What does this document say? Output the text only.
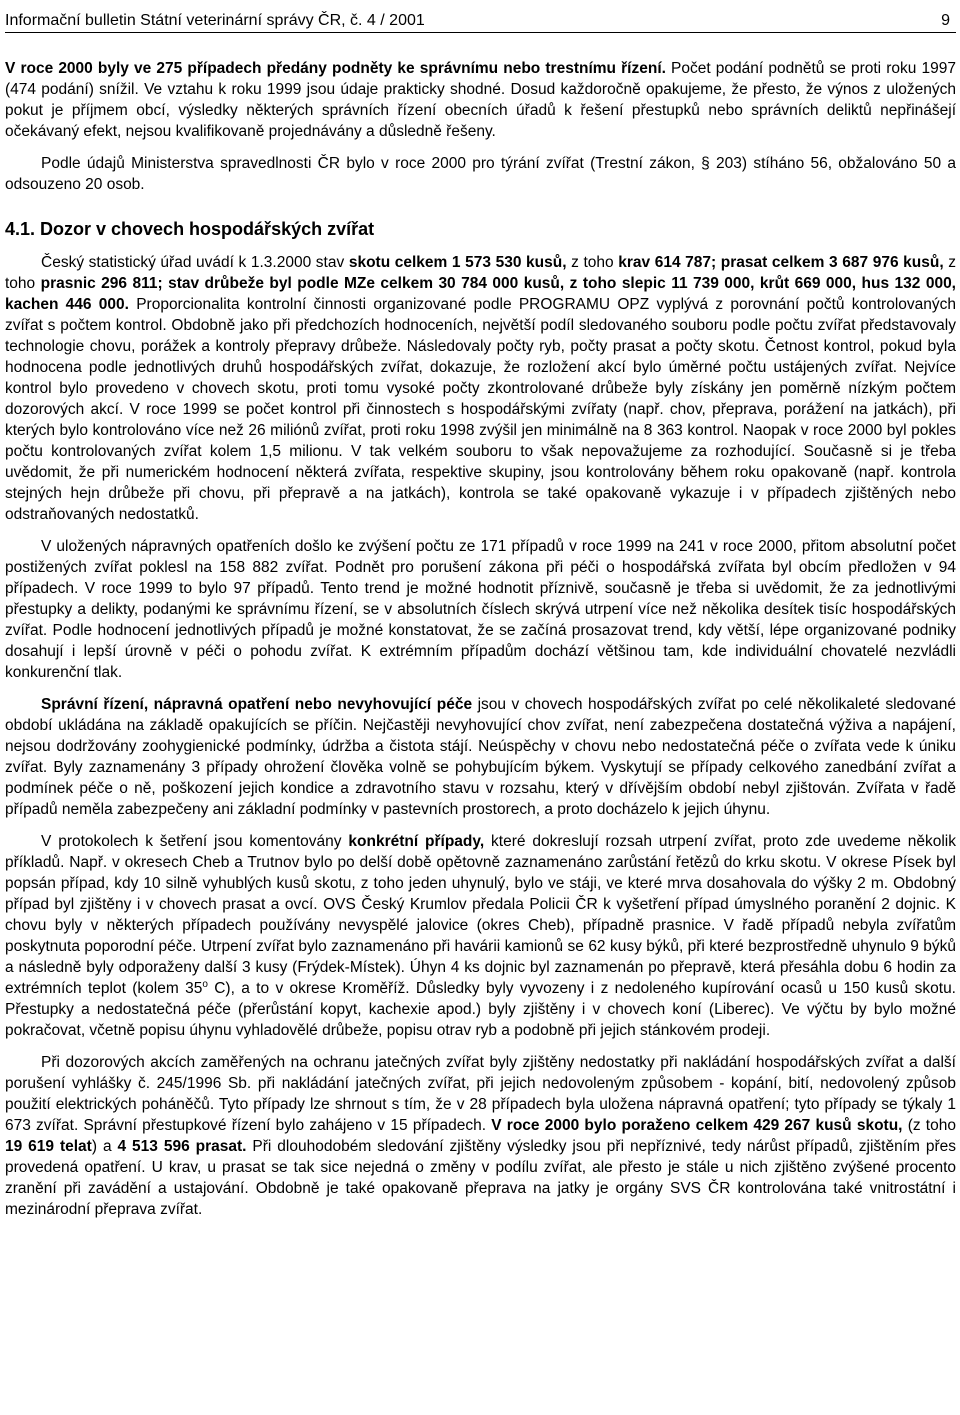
Informační bulletin Státní veterinární správy ČR, č. 4 / 2001	9

V roce 2000 byly ve 275 případech předány podněty ke správnímu nebo trestnímu řízení. Počet podání podnětů se proti roku 1997 (474 podání) snížil. Ve vztahu k roku 1999 jsou údaje prakticky shodné. Dosud každoročně opakujeme, že přesto, že výnos z uložených pokut je příjmem obcí, výsledky některých správních řízení obecních úřadů k řešení přestupků nebo správních deliktů nepřinášejí očekávaný efekt, nejsou kvalifikovaně projednávány a důsledně řešeny.

Podle údajů Ministerstva spravedlnosti ČR bylo v roce 2000 pro týrání zvířat (Trestní zákon, § 203) stíháno 56, obžalováno 50 a odsouzeno 20 osob.

4.1. Dozor v chovech hospodářských zvířat

Český statistický úřad uvádí k 1.3.2000 stav skotu celkem 1 573 530 kusů, z toho krav 614 787; prasat celkem 3 687 976 kusů, z toho prasnic 296 811; stav drůbeže byl podle MZe celkem 30 784 000 kusů, z toho slepic 11 739 000, krůt 669 000, hus 132 000, kachen 446 000. Proporcionalita kontrolní činnosti organizované podle PROGRAMU OPZ vyplývá z porovnání počtů kontrolovaných zvířat s počtem kontrol. Obdobně jako při předchozích hodnoceních, největší podíl sledovaného souboru podle počtu zvířat představovaly technologie chovu, porážek a kontroly přepravy drůbeže. Následovaly počty ryb, počty prasat a počty skotu. Četnost kontrol, pokud byla hodnocena podle jednotlivých druhů hospodářských zvířat, dokazuje, že rozložení akcí bylo úměrné počtu ustájených zvířat. Nejvíce kontrol bylo provedeno v chovech skotu, proti tomu vysoké počty zkontrolované drůbeže byly získány jen poměrně nízkým počtem dozorových akcí. V roce 1999 se počet kontrol při činnostech s hospodářskými zvířaty (např. chov, přeprava, porážení na jatkách), při kterých bylo kontrolováno více než 26 miliónů zvířat, proti roku 1998 zvýšil jen minimálně na 8 363 kontrol. Naopak v roce 2000 byl pokles počtu kontrolovaných zvířat kolem 1,5 milionu. V tak velkém souboru to však nepovažujeme za rozhodující. Současně si je třeba uvědomit, že při numerickém hodnocení některá zvířata, respektive skupiny, jsou kontrolovány během roku opakovaně (např. kontrola stejných hejn drůbeže při chovu, při přepravě a na jatkách), kontrola se také opakovaně vykazuje i v případech zjištěných nebo odstraňovaných nedostatků.

V uložených nápravných opatřeních došlo ke zvýšení počtu ze 171 případů v roce 1999 na 241 v roce 2000, přitom absolutní počet postižených zvířat poklesl na 158 882 zvířat. Podnět pro porušení zákona při péči o hospodářská zvířata byl obcím předložen v 94 případech. V roce 1999 to bylo 97 případů. Tento trend je možné hodnotit příznivě, současně je třeba si uvědomit, že za jednotlivými přestupky a delikty, podanými ke správnímu řízení, se v absolutních číslech skrývá utrpení více než několika desítek tisíc hospodářských zvířat. Podle hodnocení jednotlivých případů je možné konstatovat, že se začíná prosazovat trend, kdy větší, lépe organizované podniky dosahují i lepší úrovně v péči o pohodu zvířat. K extrémním případům dochází většinou tam, kde individuální chovatelé nezvládli konkurenční tlak.

Správní řízení, nápravná opatření nebo nevyhovující péče jsou v chovech hospodářských zvířat po celé několikaleté sledované období ukládána na základě opakujících se příčin. Nejčastěji nevyhovující chov zvířat, není zabezpečena dostatečná výživa a napájení, nejsou dodržovány zoohygienické podmínky, údržba a čistota stájí. Neúspěchy v chovu nebo nedostatečná péče o zvířata vede k úniku zvířat. Byly zaznamenány 3 případy ohrožení člověka volně se pohybujícím býkem. Vyskytují se případy celkového zanedbání zvířat a podmínek péče o ně, poškození jejich kondice a zdravotního stavu v rozsahu, který v dřívějším období nebyl zjištován. Zvířata v řadě případů neměla zabezpečeny ani základní podmínky v pastevních prostorech, a proto docházelo k jejich úhynu.

V protokolech k šetření jsou komentovány konkrétní případy, které dokreslují rozsah utrpení zvířat, proto zde uvedeme několik příkladů. Např. v okresech Cheb a Trutnov bylo po delší době opětovně zaznamenáno zarůstání řetězů do krku skotu. V okrese Písek byl popsán případ, kdy 10 silně vyhublých kusů skotu, z toho jeden uhynulý, bylo ve stáji, ve které mrva dosahovala do výšky 2 m. Obdobný případ byl zjištěny i v chovech prasat a ovcí. OVS Český Krumlov předala Policii ČR k vyšetření případ úmyslného poranění 2 dojnic. K chovu byly v některých případech používány nevyspělé jalovice (okres Cheb), případně prasnice. V řadě případů nebyla zvířatům poskytnuta poporodní péče. Utrpení zvířat bylo zaznamenáno při havárii kamionů se 62 kusy býků, při které bezprostředně uhynulo 9 býků a následně byly odporaženy další 3 kusy (Frýdek-Místek). Úhyn 4 ks dojnic byl zaznamenán po přepravě, která přesáhla dobu 6 hodin za extrémních teplot (kolem 35$^o$ C), a to v okrese Kroměříž. Důsledky byly vyvozeny i z nedoleného kupírování ocasů u 150 kusů skotu. Přestupky a nedostatečná péče (přerůstání kopyt, kachexie apod.) byly zjištěny i v chovech koní (Liberec). Ve výčtu by bylo možné pokračovat, včetně popisu úhynu vyhladovělé drůbeže, popisu otrav ryb a podobně při jejich stánkovém prodeji.

Při dozorových akcích zaměřených na ochranu jatečných zvířat byly zjištěny nedostatky při nakládání hospodářských zvířat a další porušení vyhlášky č. 245/1996 Sb. při nakládání jatečných zvířat, při jejich nedovoleným způsobem - kopání, bití, nedovolený způsob použití elektrických poháněčů. Tyto případy lze shrnout s tím, že v 28 případech byla uložena nápravná opatření; tyto případy se týkaly 1 673 zvířat. Správní přestupkové řízení bylo zahájeno v 15 případech. V roce 2000 bylo poraženo celkem 429 267 kusů skotu, (z toho 19 619 telat) a 4 513 596 prasat. Při dlouhodobém sledování zjištěny výsledky jsou při nepříznivé, tedy nárůst případů, zjištěním přes provedená opatření. U krav, u prasat se tak sice nejedná o změny v podílu zvířat, ale přesto je stále u nich zjištěno zvýšené procento zranění při zavádění a ustajování. Obdobně je také opakovaně přeprava na jatky je orgány SVS ČR kontrolována také vnitrostátní i mezinárodní přeprava zvířat.
